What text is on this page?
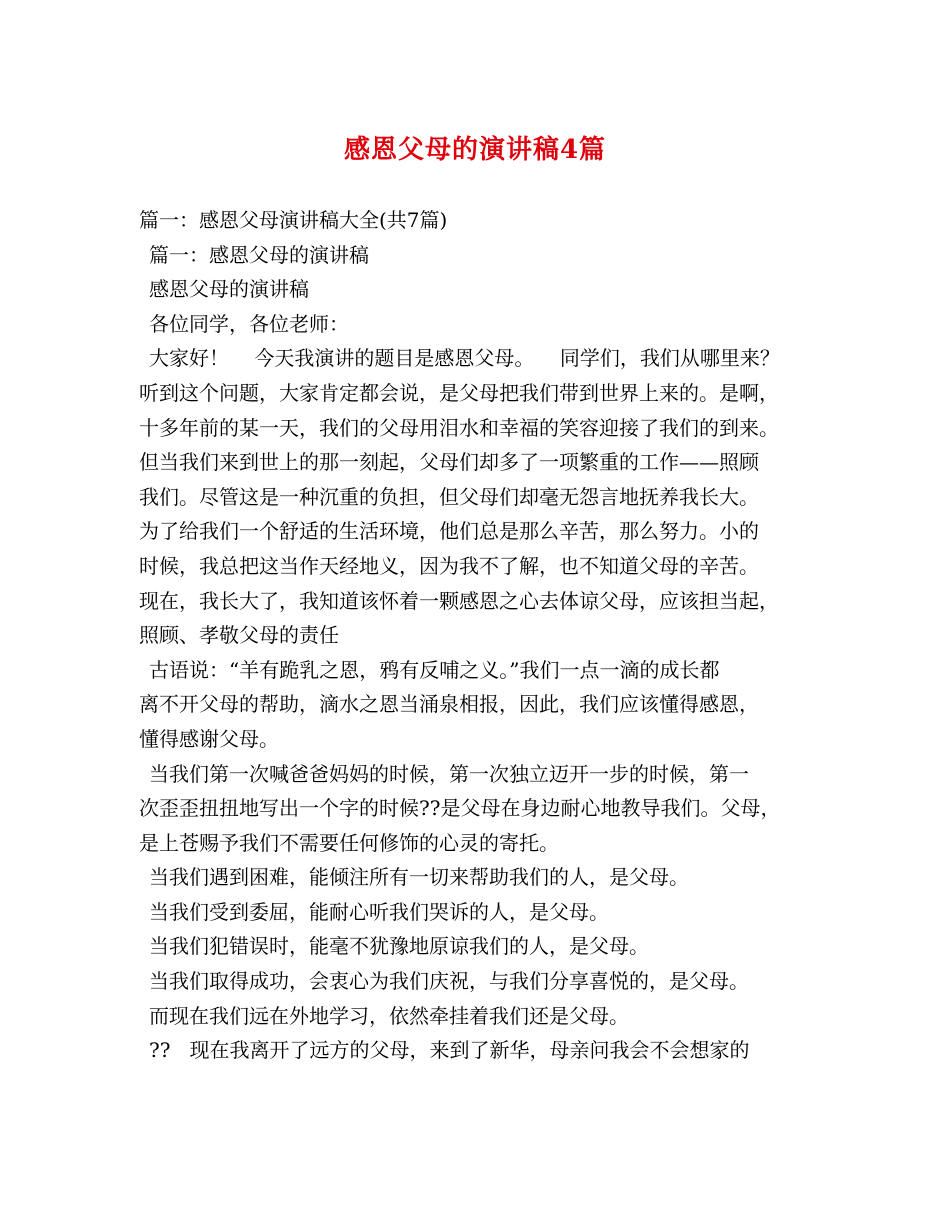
感恩父母的演讲稿4篇
篇一：感恩父母演讲稿大全(共7篇)
篇一：感恩父母的演讲稿
感恩父母的演讲稿
各位同学，各位老师：
大家好！    今天我演讲的题目是感恩父母。    同学们，我们从哪里来？
听到这个问题，大家肯定都会说，是父母把我们带到世界上来的。是啊，
十多年前的某一天，我们的父母用泪水和幸福的笑容迎接了我们的到来。
但当我们来到世上的那一刻起，父母们却多了一项繁重的工作——照顾
我们。尽管这是一种沉重的负担，但父母们却毫无怨言地抚养我长大。
为了给我们一个舒适的生活环境，他们总是那么辛苦，那么努力。小的
时候，我总把这当作天经地义，因为我不了解，也不知道父母的辛苦。
现在，我长大了，我知道该怀着一颗感恩之心去体谅父母，应该担当起，
照顾、孝敬父母的责任
古语说：“羊有跪乳之恩，鸦有反哺之义。”我们一点一滴的成长都
离不开父母的帮助，滴水之恩当涌泉相报，因此，我们应该懂得感恩，
懂得感谢父母。
当我们第一次喊爸爸妈妈的时候，第一次独立迈开一步的时候，第一
次歪歪扭扭地写出一个字的时候??是父母在身边耐心地教导我们。父母，
是上苍赐予我们不需要任何修饰的心灵的寄托。
当我们遇到困难，能倾注所有一切来帮助我们的人，是父母。
当我们受到委屈，能耐心听我们哭诉的人，是父母。
当我们犯错误时，能毫不犹豫地原谅我们的人，是父母。
当我们取得成功，会衷心为我们庆祝，与我们分享喜悦的，是父母。
而现在我们远在外地学习，依然牵挂着我们还是父母。
??   现在我离开了远方的父母，来到了新华，母亲问我会不会想家的
